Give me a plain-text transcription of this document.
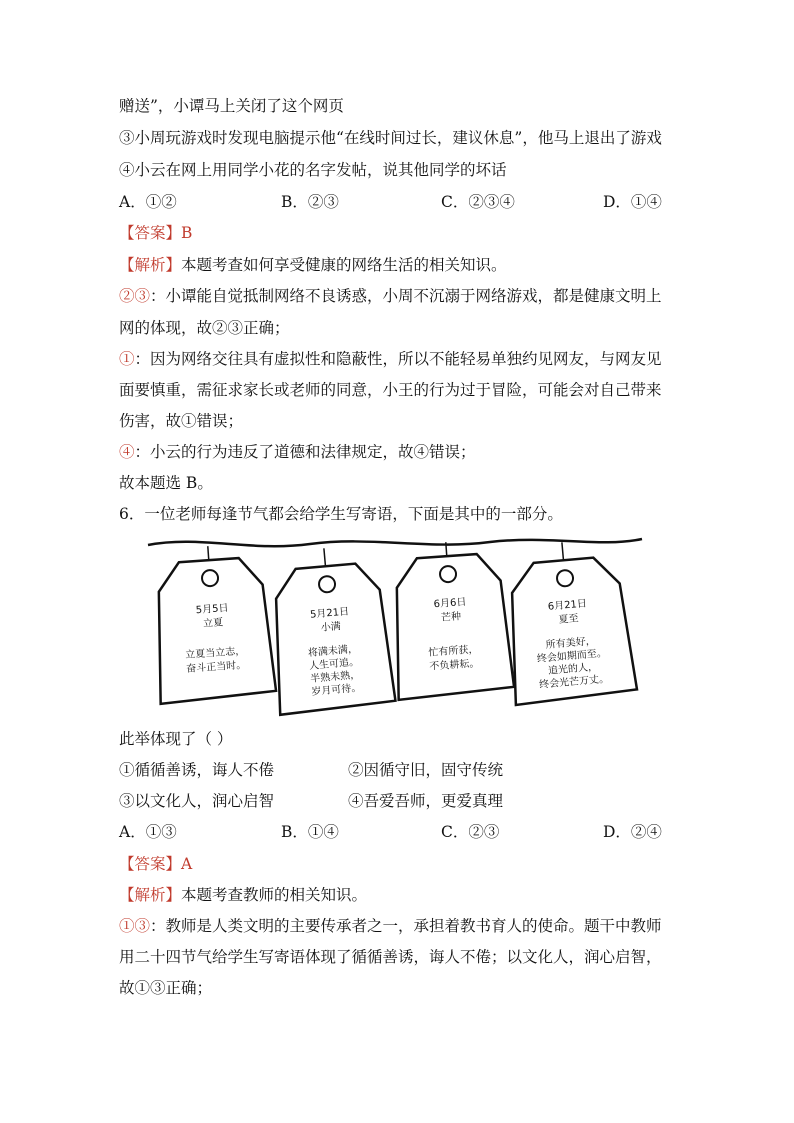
赠送”，小谭马上关闭了这个网页
③小周玩游戏时发现电脑提示他“在线时间过长，建议休息”，他马上退出了游戏
④小云在网上用同学小花的名字发帖，说其他同学的坏话
A．①②	B．②③	C．②③④	D．①④
【答案】B
【解析】本题考查如何享受健康的网络生活的相关知识。
②③：小谭能自觉抵制网络不良诱惑，小周不沉溺于网络游戏，都是健康文明上
网的体现，故②③正确；
①：因为网络交往具有虚拟性和隐蔽性，所以不能轻易单独约见网友，与网友见
面要慎重，需征求家长或老师的同意，小王的行为过于冒险，可能会对自己带来
伤害，故①错误；
④：小云的行为违反了道德和法律规定，故④错误；
故本题选 B。
6．一位老师每逢节气都会给学生写寄语，下面是其中的一部分。
5月5日
立夏
立夏当立志，
奋斗正当时。
5月21日
小满
将满未满，
人生可追。
半熟未熟，
岁月可待。
6月6日
芒种
忙有所获，
不负耕耘。
6月21日
夏至
所有美好，
终会如期而至。
追光的人，
终会光芒万丈。
此举体现了（ ）
①循循善诱，诲人不倦	②因循守旧，固守传统
③以文化人，润心启智	④吾爱吾师，更爱真理
A．①③	B．①④	C．②③	D．②④
【答案】A
【解析】本题考查教师的相关知识。
①③：教师是人类文明的主要传承者之一，承担着教书育人的使命。题干中教师
用二十四节气给学生写寄语体现了循循善诱，诲人不倦；以文化人，润心启智，
故①③正确；
